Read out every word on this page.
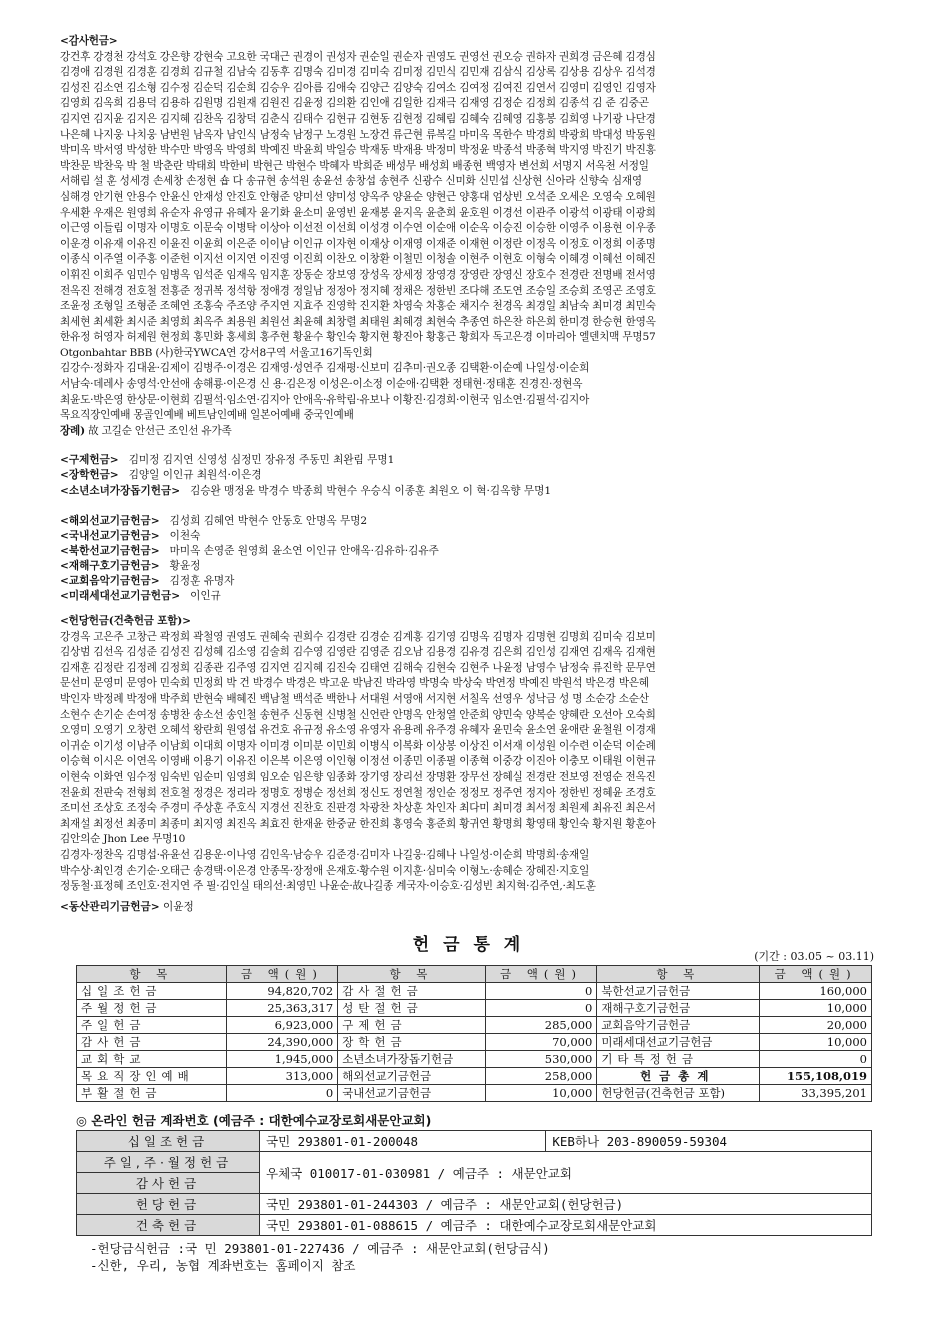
<감사헌금>

강건후 강경천 강석호 강은향 강현숙 고요한 국대근 권경이 권성자 권순일 권순자 권영도 권영선 권오승 권하자 권희경 금은혜 김경심

김경애 김경원 김경훈 김경희 김규철 김남숙 김동후 김명숙 김미경 김미숙 김미정 김민식 김민재 김삼식 김상록 김상용 김상우 김석경

김성진 김소연 김소형 김수정 김순덕 김순희 김승우 김아름 김애숙 김양근 김양숙 김여소 김여정 김여진 김연서 김영미 김영인 김영자

김영희 김옥희 김용덕 김용하 김원명 김원재 김원진 김윤정 김의환 김인애 김일한 김재극 김재영 김정순 김정희 김종석 김 준 김중곤

김지연 김지윤 김지은 김지혜 김찬옥 김창덕 김춘식 김태수 김현규 김현동 김현정 김혜림 김혜숙 김혜영 김홍봉 김희영 나기광 나단경

나은혜 나지웅 나치웅 남번원 남옥자 남인식 남정숙 남정구 노경원 노장건 류근현 류복길 마미옥 목한수 박경희 박광희 박대성 박동원

박미옥 박서영 박성한 박수만 박영옥 박영희 박예진 박윤희 박일승 박재동 박재용 박정미 박정윤 박종석 박종혁 박지영 박진기 박진홍

박찬문 박찬욱 박 철 박춘란 박태희 박한비 박현근 박현수 박혜자 박희준 배성무 배성희 배종현 백영자 변선희 서명지 서옥천 서정일

서해림 설 훈 성세경 손세창 손정현 숍 다 송규현 송석원 송윤선 송창섭 송현주 신광수 신미화 신민섭 신상현 신아라 신향숙 심재영

심해경 안기현 안용수 안윤신 안재성 안진호 안형준 양미선 양미성 양옥주 양윤순 양현근 양홍대 엄상빈 오석준 오세은 오영숙 오혜원

우세환 우재은 원영희 유순자 유영규 유혜자 윤기화 윤소미 윤영빈 윤재봉 윤지옥 윤춘희 윤호원 이경선 이관주 이광석 이광태 이광희

이근영 이들림 이명자 이명호 이문숙 이병탁 이상아 이선전 이선희 이성경 이수연 이순애 이순옥 이승진 이승한 이영주 이용현 이우종

이운경 이유재 이유진 이윤진 이윤희 이은준 이이남 이인규 이자현 이재상 이재영 이재준 이재현 이정란 이정옥 이정호 이정희 이종명

이종식 이주열 이주홍 이준헌 이지선 이지연 이진영 이진희 이찬오 이창환 이철민 이청솔 이현주 이현호 이형숙 이혜경 이혜선 이혜진

이휘진 이희주 임민수 임병옥 임석준 임재옥 임지훈 장동순 장보영 장성옥 장세정 장영경 장영란 장영신 장호수 전경란 전명배 전서영

전옥진 전해경 전호철 전홍준 정귀복 정석항 정애경 정일남 정정아 정지혜 정채은 정한빈 조다해 조도연 조승일 조승희 조영곤 조영호

조윤정 조형일 조형준 조혜연 조홍숙 주조양 주지연 지효주 진영학 진지환 차영숙 차홍순 채지수 천경옥 최경일 최남숙 최미경 최민숙

최세현 최세환 최시준 최영희 최옥주 최용원 최원선 최윤혜 최창렬 최태원 최혜경 최현숙 추종연 하은찬 하은희 한미경 한승현 한영옥

한유정 허영자 허제원 현정희 홍민화 홍세희 홍주현 황윤수 황인숙 황지현 황진아 황홍근 황희자 독고은경 이마리아 엘덴치맥 무명57

Otgonbahtar BBB (사)한국YWCA연 강서8구역 서울고16기독인회

김강수·정화자 김대윤·김제이 김병주·이경은 김재영·성연주 김재평·신보미 김추미·권오종 김택환·이순예 나일성·이순희

서남숙·데레사 송영석·안선애 송해룡·이은경 신 용·김은정 이성은·이소정 이순애·김택환 정태현·정태훈 진경진·정현옥

최윤도·박은영 한상문·이현희 김필석·임소연·김지아 안애옥·유학림·유보나 이황진·김경희·이현국 임소연·김필석·김지아

목요직장인예배 몽골인예배 베트남인예배 일본어예배 중국인예배

장례) 故 고길순 안선근 조인선 유가족

<구제헌금> 김미정 김지연 신영성 심정민 장유정 주동민 최완림 무명1

<장학헌금> 김양일 이인규 최원석·이은경

<소년소녀가장돕기헌금> 김승완 맹정윤 박경수 박종희 박현수 우승식 이종훈 최원오 이 혁·김옥향 무명1

<해외선교기금헌금> 김성희 김혜연 박현수 안동호 안명옥 무명2

<국내선교기금헌금> 이천숙

<북한선교기금헌금> 마미옥 손영준 원영희 윤소연 이인규 안애옥·김유하·김유주

<재해구호기금헌금> 황윤정

<교회음악기금헌금> 김정훈 유명자

<미래세대선교기금헌금> 이인규

<헌당헌금(건축헌금 포함)>

강경옥 고은주 고창근 곽정희 곽철영 권영도 권혜숙 권희수 김경란 김경순 김계홍 김기영 김명옥 김명자 김명현 김명희 김미숙 김보미

김상범 김선옥 김성준 김성진 김성혜 김소영 김술희 김수영 김영란 김영준 김오남 김용경 김유경 김은희 김인성 김재연 김재옥 김재현

김재훈 김정란 김정례 김정희 김종관 김주영 김지연 김지혜 김진숙 김태연 김해숙 김현숙 김현주 나윤정 남영수 남정숙 류진학 문무연

문선미 문영미 문영아 민숙희 민정희 박 건 박경수 박경은 박고운 박남진 박라영 박명숙 박상숙 박연정 박예진 박원석 박은경 박은혜

박인자 박정례 박정애 박주희 반현숙 배혜진 백남철 백석준 백한나 서대원 서영애 서지현 서칠옥 선영우 성낙금 성 명 소순강 소순산

소현수 손기순 손여정 송병찬 송소선 송인철 송현주 신동현 신병철 신언란 안명옥 안청열 안준희 양민숙 양복순 양혜란 오선아 오숙희

오영미 오영기 오창련 오혜석 왕란희 원영섭 유건호 유규정 유소영 유영자 유용례 유주경 유혜자 윤민숙 윤소연 윤애란 윤철원 이경재

이귀순 이기성 이남주 이남희 이대희 이명자 이미경 이미분 이민희 이병식 이복화 이상봉 이상진 이서재 이성원 이수련 이순덕 이순례

이승혁 이시은 이연옥 이영배 이용기 이유진 이은복 이은영 이인형 이정선 이종민 이종필 이종혁 이중강 이진아 이충모 이태원 이현규

이현숙 이화연 임수정 임숙빈 임순미 임영희 임오순 임은향 임종화 장기영 장리선 장명환 장무선 장혜실 전경란 전보영 전영순 전옥진

전윤희 전판숙 전형희 전호철 정경은 정리라 정명호 정병순 정선희 정신도 정연철 정인순 정정모 정주연 정지아 정한빈 정혜윤 조경호

조미선 조상호 조정숙 주경미 주상훈 주호식 지경선 진찬호 진판경 차광찬 차상훈 차인자 최다미 최미경 최서정 최원제 최유진 최은서

최재설 최정선 최종미 최종미 최지영 최진옥 최효진 한재윤 한중균 한진희 홍영숙 홍준희 황귀연 황명희 황영태 황인숙 황지원 황훈아

김안의순 Jhon Lee 무명10

김경자·정찬옥 김명섭·유윤선 김용운·이나영 김인옥·남승우 김준경·김미자 나길웅·김혜나 나일성·이순희 박명희·송재일

박수상·최인경 손기순·오태근 송경택·이은경 안종목·장정애 은재호·황수원 이지훈·심미숙 이형노·송혜순 장혜진·지호일

정동철·표정혜 조인호·전지연 주 필·김인실 태의선·최영민 나윤순·故나길종 계국자·이승호·김성빈 최지혁·김주연,·최도훈

<동산관리기금헌금> 이윤정

헌 금 통 계
(기간 : 03.05 ~ 03.11)
항 목	금 액(원)	항 목	금 액(원)	항 목	금 액(원)
십일조헌금	94,820,702	감사절헌금	0	북한선교기금헌금	160,000
주월정헌금	25,363,317	성탄절헌금	0	재해구호기금헌금	10,000
주일헌금	6,923,000	구제헌금	285,000	교회음악기금헌금	20,000
감사헌금	24,390,000	장학헌금	70,000	미래세대선교기금헌금	10,000
교회학교	1,945,000	소년소녀가장돕기헌금	530,000	기타특정헌금	0
목요직장인예배	313,000	해외선교기금헌금	258,000	헌금총계	155,108,019
부활절헌금	0	국내선교기금헌금	10,000	헌당헌금(건축헌금 포함)	33,395,201
◎ 온라인 헌금 계좌번호 (예금주 : 대한예수교장로회새문안교회)
십일조헌금	국민 293801-01-200048	KEB하나 203-890059-59304
주일,주·월정헌금	우체국 010017-01-030981 / 예금주 : 새문안교회	
감사헌금		
헌당헌금	국민 293801-01-244303 / 예금주 : 새문안교회(헌당헌금)	
건축헌금	국민 293801-01-088615 / 예금주 : 대한예수교장로회새문안교회	

-헌당금식헌금 :국 민 293801-01-227436 / 예금주 : 새문안교회(헌당금식)

-신한, 우리, 농협 계좌번호는 홈페이지 참조
